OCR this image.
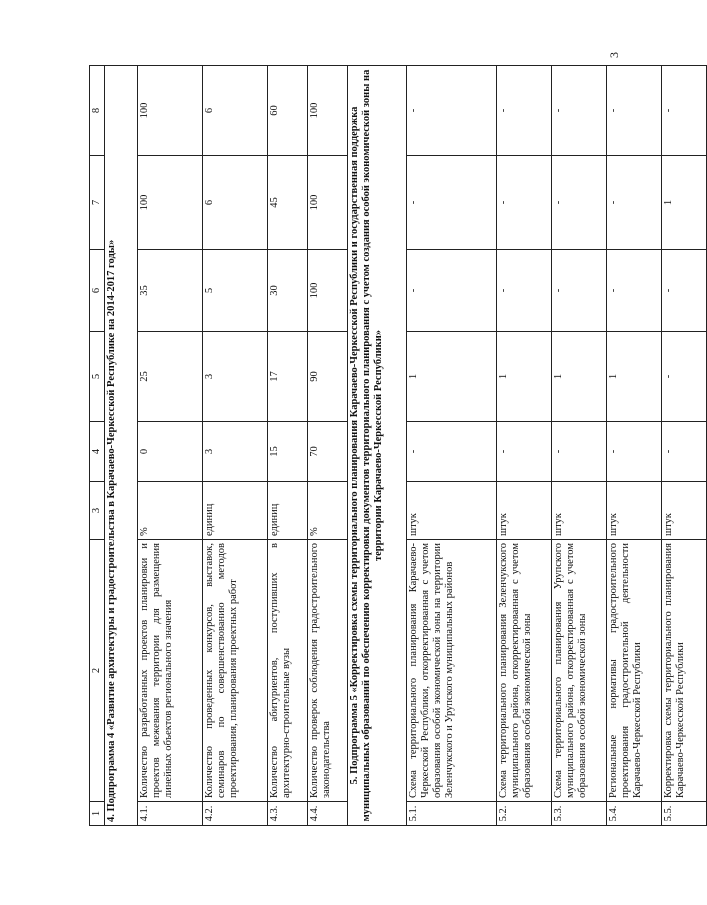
3
1	2	3	4	5	6	7	8
4. Подпрограмма 4 «Развитие архитектуры и градостроительства в Карачаево-Черкесской Республике на 2014-2017 годы»							
4.1.	Количество разработанных проектов планировки и проектов межевания территории для размещения линейных объектов регионального значения	%	0	25	35	100	100
4.2.	Количество проведенных конкурсов, выставок, семинаров по совершенствованию методов проектирования, планирования проектных работ	единиц	3	3	5	6	6
4.3.	Количество абитуриентов, поступивших в архитектурно-строительные вузы	единиц	15	17	30	45	60
4.4.	Количество проверок соблюдения градостроительного законодательства	%	70	90	100	100	100
5. Подпрограмма 5 «Корректировка схемы территориального планирования Карачаево-Черкесской Республики и государственная поддержка муниципальных образований по обеспечению корректировки документов территориального планирования с учетом создания особой экономической зоны на территории Карачаево-Черкесской Республики»							
5.1.	Схема территориального планирования Карачаево-Черкесской Республики, откорректированная с учетом образования особой экономической зоны на территории Зеленчукского и Урупского муниципальных районов	штук	-	1	-	-	-
5.2.	Схема территориального планирования Зеленчукского муниципального района, откорректированная с учетом образования особой экономической зоны	штук	-	1	-	-	-
5.3.	Схема территориального планирования Урупского муниципального района, откорректированная с учетом образования особой экономической зоны	штук	-	1	-	-	-
5.4.	Региональные нормативы градостроительного проектирования градостроительной деятельности Карачаево-Черкесской Республики	штук	-	1	-	-	-
5.5.	Корректировка схемы территориального планирования Карачаево-Черкесской Республики	штук	-	-	-	1	-
